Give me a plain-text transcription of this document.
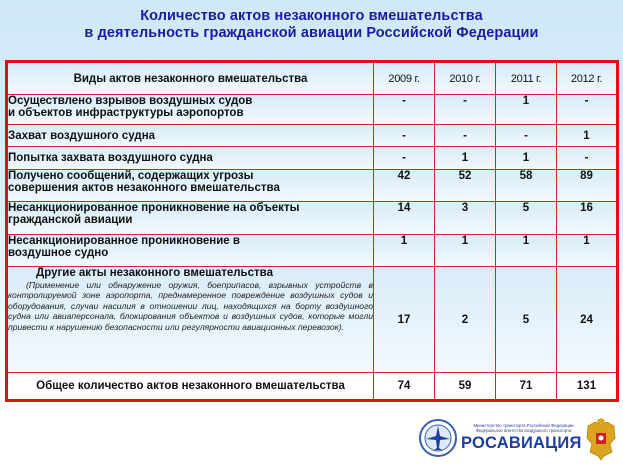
Количество актов незаконного вмешательства
в деятельность гражданской авиации Российской Федерации
Виды актов незаконного вмешательства	2009 г.	2010 г.	2011 г.	2012 г.

Осуществлено взрывов воздушных судов
и объектов инфраструктуры аэропортов	-	-	1	-
Захват воздушного судна	-	-	-	1
Попытка захвата воздушного судна	-	1	1	-

Получено сообщений, содержащих угрозы
совершения актов незаконного вмешательства	42	52	58	89

Несанкционированное проникновение на объекты
гражданской авиации	14	3	5	16

Несанкционированное проникновение в
воздушное судно	1	1	1	1

Другие акты незаконного вмешательства
(Применение или обнаружение оружия, боеприпасов, взрывных устройств в контролируемой зоне аэропорта, преднамеренное повреждение воздушных судов и оборудования, случаи насилия в отношении лиц, находящихся на борту воздушного судна или авиаперсонала, блокирования объектов и воздушных судов, которые могли привести к нарушению безопасности или регулярности авиационных перевозок).	17	2	5	24
Общее количество актов незаконного вмешательства	74	59	71	131
Министерство транспорта Российской Федерации
Федеральное агентство воздушного транспорта
РОСАВИАЦИЯ
